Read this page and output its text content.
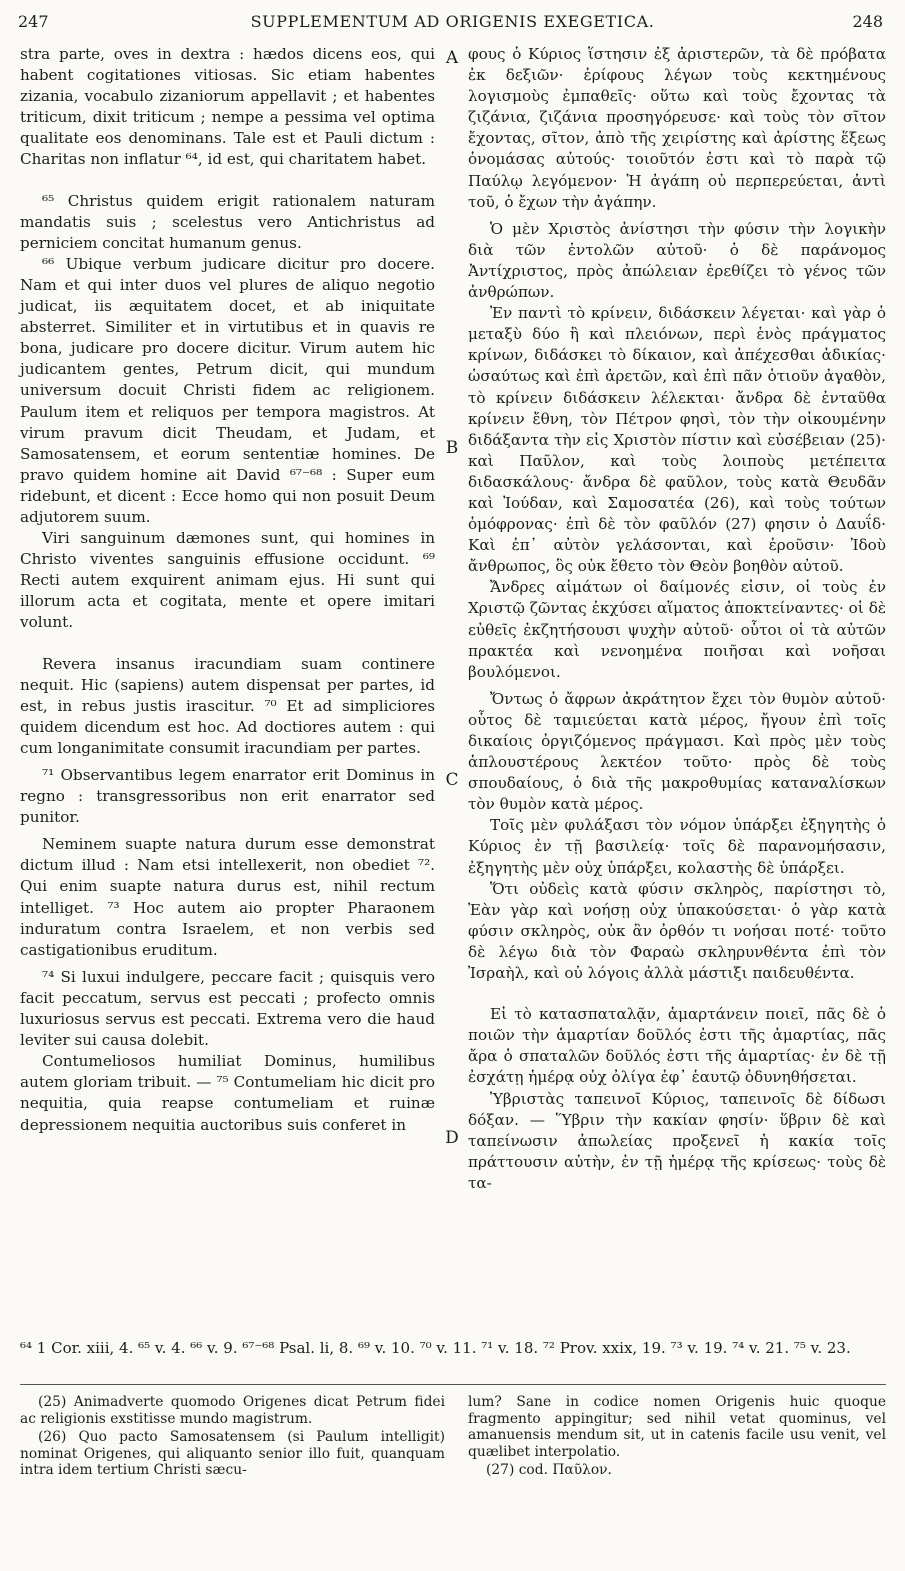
247	SUPPLEMENTUM AD ORIGENIS EXEGETICA.	248

stra parte, oves in dextra : hædos dicens eos, qui habent cogitationes vitiosas. Sic etiam habentes zizania, vocabulo zizaniorum appellavit ; et habentes triticum, dixit triticum ; nempe a pessima vel optima qualitate eos denominans. Tale est et Pauli dictum : Charitas non inflatur ⁶⁴, id est, qui charitatem habet.

⁶⁵ Christus quidem erigit rationalem naturam mandatis suis ; scelestus vero Antichristus ad perniciem concitat humanum genus.

⁶⁶ Ubique verbum judicare dicitur pro docere. Nam et qui inter duos vel plures de aliquo negotio judicat, iis æquitatem docet, et ab iniquitate absterret. Similiter et in virtutibus et in quavis re bona, judicare pro docere dicitur. Virum autem hic judicantem gentes, Petrum dicit, qui mundum universum docuit Christi fidem ac religionem. Paulum item et reliquos per tempora magistros. At virum pravum dicit Theudam, et Judam, et Samosatensem, et eorum sententiæ homines. De pravo quidem homine ait David ⁶⁷⁻⁶⁸ : Super eum ridebunt, et dicent : Ecce homo qui non posuit Deum adjutorem suum.

Viri sanguinum dæmones sunt, qui homines in Christo viventes sanguinis effusione occidunt. ⁶⁹ Recti autem exquirent animam ejus. Hi sunt qui illorum acta et cogitata, mente et opere imitari volunt.

Revera insanus iracundiam suam continere nequit. Hic (sapiens) autem dispensat per partes, id est, in rebus justis irascitur. ⁷⁰ Et ad simpliciores quidem dicendum est hoc. Ad doctiores autem : qui cum longanimitate consumit iracundiam per partes.

⁷¹ Observantibus legem enarrator erit Dominus in regno : transgressoribus non erit enarrator sed punitor.

Neminem suapte natura durum esse demonstrat dictum illud : Nam etsi intellexerit, non obediet ⁷². Qui enim suapte natura durus est, nihil rectum intelliget. ⁷³ Hoc autem aio propter Pharaonem induratum contra Israelem, et non verbis sed castigationibus eruditum.

⁷⁴ Si luxui indulgere, peccare facit ; quisquis vero facit peccatum, servus est peccati ; profecto omnis luxuriosus servus est peccati. Extrema vero die haud leviter sui causa dolebit.

Contumeliosos humiliat Dominus, humilibus autem gloriam tribuit. — ⁷⁵ Contumeliam hic dicit pro nequitia, quia reapse contumeliam et ruinæ depressionem nequitia auctoribus suis conferet in

A
B
C
D

φους ὁ Κύριος ἵστησιν ἐξ ἀριστερῶν, τὰ δὲ πρόβατα ἐκ δεξιῶν· ἐρίφους λέγων τοὺς κεκτημένους λογισμοὺς ἐμπαθεῖς· οὕτω καὶ τοὺς ἔχοντας τὰ ζιζάνια, ζιζάνια προσηγόρευσε· καὶ τοὺς τὸν σῖτον ἔχοντας, σῖτον, ἀπὸ τῆς χειρίστης καὶ ἀρίστης ἕξεως ὀνομάσας αὐτούς· τοιοῦτόν ἐστι καὶ τὸ παρὰ τῷ Παύλῳ λεγόμενον· Ἡ ἀγάπη οὐ περπερεύεται, ἀντὶ τοῦ, ὁ ἔχων τὴν ἀγάπην.

Ὁ μὲν Χριστὸς ἀνίστησι τὴν φύσιν τὴν λογικὴν διὰ τῶν ἐντολῶν αὐτοῦ· ὁ δὲ παράνομος Ἀντίχριστος, πρὸς ἀπώλειαν ἐρεθίζει τὸ γένος τῶν ἀνθρώπων.

Ἐν παντὶ τὸ κρίνειν, διδάσκειν λέγεται· καὶ γὰρ ὁ μεταξὺ δύο ἢ καὶ πλειόνων, περὶ ἑνὸς πράγματος κρίνων, διδάσκει τὸ δίκαιον, καὶ ἀπέχεσθαι ἀδικίας· ὡσαύτως καὶ ἐπὶ ἀρετῶν, καὶ ἐπὶ πᾶν ὁτιοῦν ἀγαθὸν, τὸ κρίνειν διδάσκειν λέλεκται· ἄνδρα δὲ ἐνταῦθα κρίνειν ἔθνη, τὸν Πέτρον φησὶ, τὸν τὴν οἰκουμένην διδάξαντα τὴν εἰς Χριστὸν πίστιν καὶ εὐσέβειαν (25)· καὶ Παῦλον, καὶ τοὺς λοιποὺς μετέπειτα διδασκάλους· ἄνδρα δὲ φαῦλον, τοὺς κατὰ Θευδᾶν καὶ Ἰούδαν, καὶ Σαμοσατέα (26), καὶ τοὺς τούτων ὁμόφρονας· ἐπὶ δὲ τὸν φαῦλόν (27) φησιν ὁ Δαυΐδ· Καὶ ἐπ᾽ αὐτὸν γελάσονται, καὶ ἐροῦσιν· Ἰδοὺ ἄνθρωπος, ὃς οὐκ ἔθετο τὸν Θεὸν βοηθὸν αὐτοῦ.

Ἄνδρες αἱμάτων οἱ δαίμονές εἰσιν, οἱ τοὺς ἐν Χριστῷ ζῶντας ἐκχύσει αἵματος ἀποκτείναντες· οἱ δὲ εὐθεῖς ἐκζητήσουσι ψυχὴν αὐτοῦ· οὗτοι οἱ τὰ αὐτῶν πρακτέα καὶ νενοημένα ποιῆσαι καὶ νοῆσαι βουλόμενοι.

Ὄντως ὁ ἄφρων ἀκράτητον ἔχει τὸν θυμὸν αὐτοῦ· οὗτος δὲ ταμιεύεται κατὰ μέρος, ἤγουν ἐπὶ τοῖς δικαίοις ὀργιζόμενος πράγμασι. Καὶ πρὸς μὲν τοὺς ἁπλουστέρους λεκτέον τοῦτο· πρὸς δὲ τοὺς σπουδαίους, ὁ διὰ τῆς μακροθυμίας καταναλίσκων τὸν θυμὸν κατὰ μέρος.

Τοῖς μὲν φυλάξασι τὸν νόμον ὑπάρξει ἐξηγητὴς ὁ Κύριος ἐν τῇ βασιλείᾳ· τοῖς δὲ παρανομήσασιν, ἐξηγητὴς μὲν οὐχ ὑπάρξει, κολαστὴς δὲ ὑπάρξει.

Ὅτι οὐδεὶς κατὰ φύσιν σκληρὸς, παρίστησι τὸ, Ἐὰν γὰρ καὶ νοήσῃ οὐχ ὑπακούσεται· ὁ γὰρ κατὰ φύσιν σκληρὸς, οὐκ ἂν ὀρθόν τι νοήσαι ποτέ· τοῦτο δὲ λέγω διὰ τὸν Φαραὼ σκληρυνθέντα ἐπὶ τὸν Ἰσραὴλ, καὶ οὐ λόγοις ἀλλὰ μάστιξι παιδευθέντα.

Εἰ τὸ κατασπαταλᾷν, ἁμαρτάνειν ποιεῖ, πᾶς δὲ ὁ ποιῶν τὴν ἁμαρτίαν δοῦλός ἐστι τῆς ἁμαρτίας, πᾶς ἄρα ὁ σπαταλῶν δοῦλός ἐστι τῆς ἁμαρτίας· ἐν δὲ τῇ ἐσχάτῃ ἡμέρᾳ οὐχ ὀλίγα ἐφ᾽ ἑαυτῷ ὀδυνηθήσεται.

Ὑβριστὰς ταπεινοῖ Κύριος, ταπεινοῖς δὲ δίδωσι δόξαν. — Ὕβριν τὴν κακίαν φησίν· ὕβριν δὲ καὶ ταπείνωσιν ἀπωλείας προξενεῖ ἡ κακία τοῖς πράττουσιν αὐτὴν, ἐν τῇ ἡμέρᾳ τῆς κρίσεως· τοὺς δὲ τα-

⁶⁴ 1 Cor. xiii, 4. ⁶⁵ v. 4. ⁶⁶ v. 9. ⁶⁷⁻⁶⁸ Psal. li, 8. ⁶⁹ v. 10. ⁷⁰ v. 11. ⁷¹ v. 18. ⁷² Prov. xxix, 19. ⁷³ v. 19. ⁷⁴ v. 21. ⁷⁵ v. 23.

(25) Animadverte quomodo Origenes dicat Petrum fidei ac religionis exstitisse mundo magistrum.

(26) Quo pacto Samosatensem (si Paulum intelligit) nominat Origenes, qui aliquanto senior illo fuit, quanquam intra idem tertium Christi sæcu-

lum? Sane in codice nomen Origenis huic quoque fragmento appingitur; sed nihil vetat quominus, vel amanuensis mendum sit, ut in catenis facile usu venit, vel quælibet interpolatio.

(27) cod. Παῦλον.
